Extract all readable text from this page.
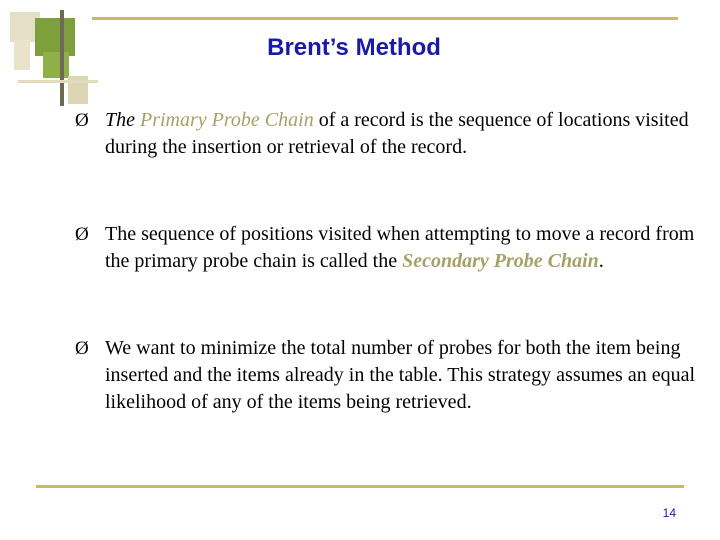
Brent’s Method
Ø The Primary Probe Chain of a record is the sequence of locations visited during the insertion or retrieval of the record.
Ø The sequence of positions visited when attempting to move a record from the primary probe chain is called the Secondary Probe Chain.
Ø We want to minimize the total number of probes for both the item being inserted and the items already in the table. This strategy assumes an equal likelihood of any of the items being retrieved.
14
